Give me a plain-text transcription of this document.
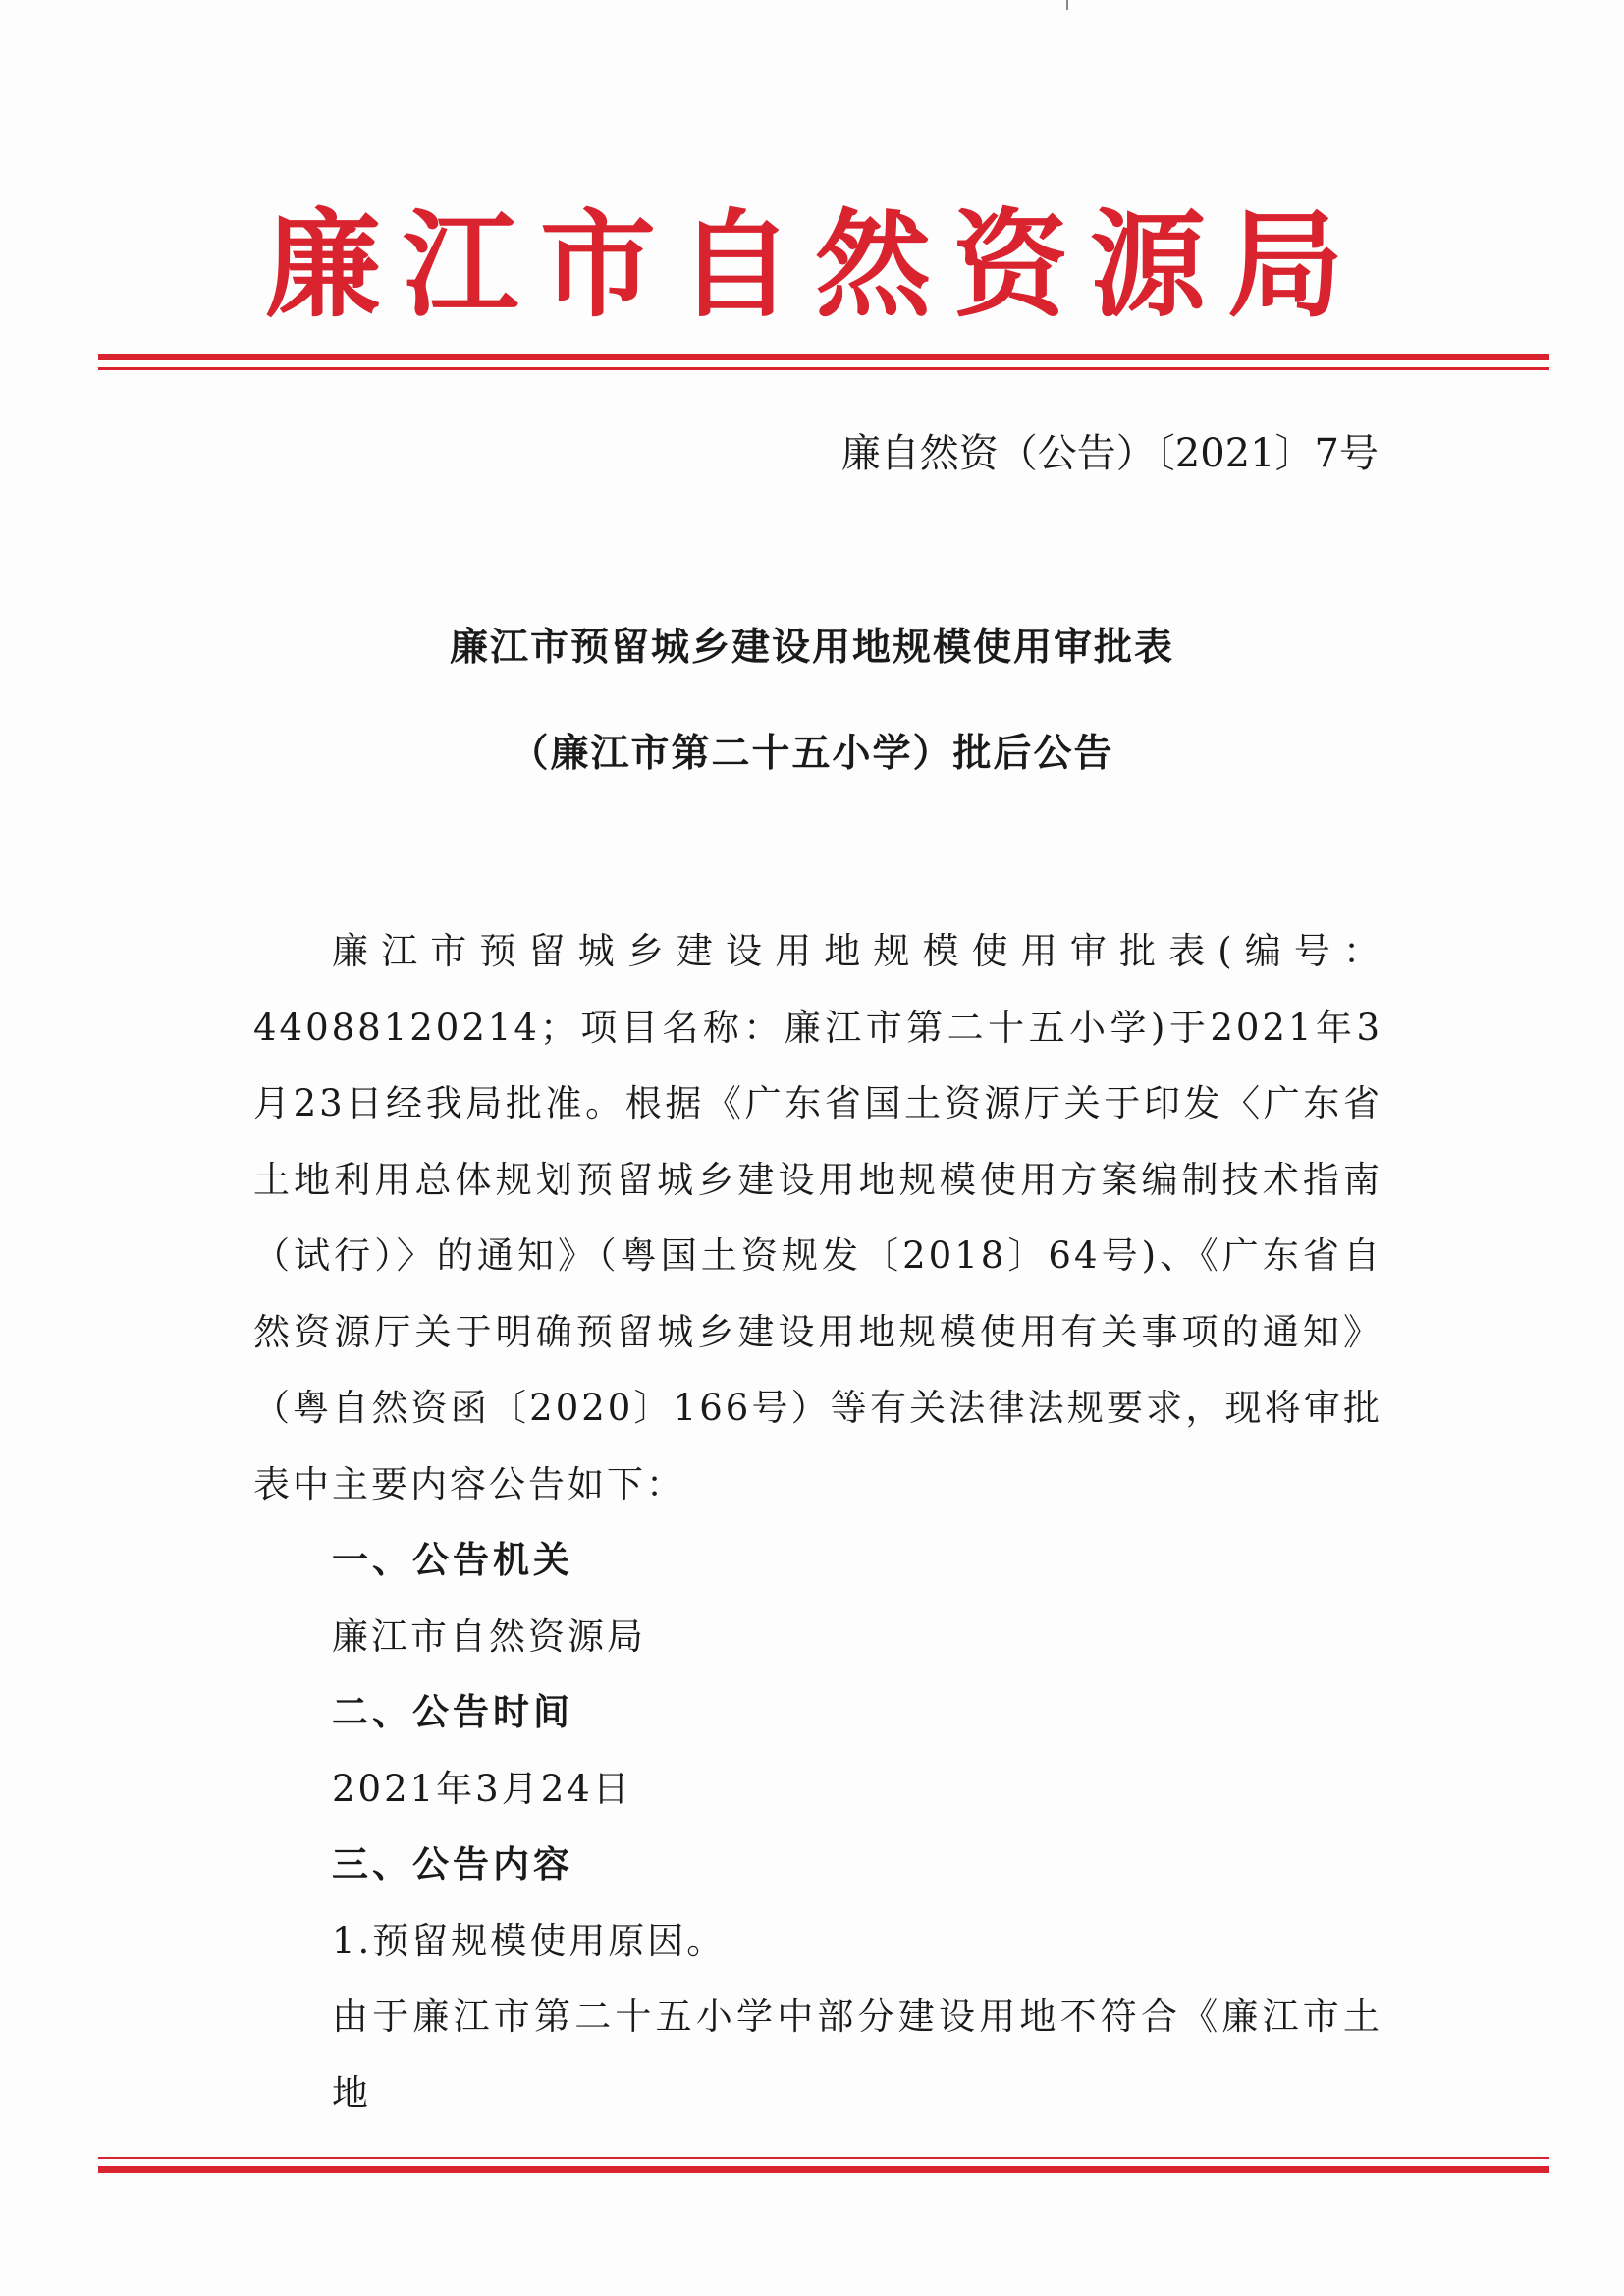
廉江市自然资源局
廉自然资（公告）〔2021〕7号
廉江市预留城乡建设用地规模使用审批表
（廉江市第二十五小学）批后公告

廉江市预留城乡建设用地规模使用审批表(编号：44088120214；项目名称：廉江市第二十五小学)于2021年3月23日经我局批准。根据《广东省国土资源厅关于印发〈广东省土地利用总体规划预留城乡建设用地规模使用方案编制技术指南（试行）〉的通知》（粤国土资规发〔2018〕64号)、《广东省自然资源厅关于明确预留城乡建设用地规模使用有关事项的通知》（粤自然资函〔2020〕166号）等有关法律法规要求，现将审批表中主要内容公告如下：

一、公告机关

廉江市自然资源局

二、公告时间

2021年3月24日

三、公告内容

1.预留规模使用原因。

由于廉江市第二十五小学中部分建设用地不符合《廉江市土地
